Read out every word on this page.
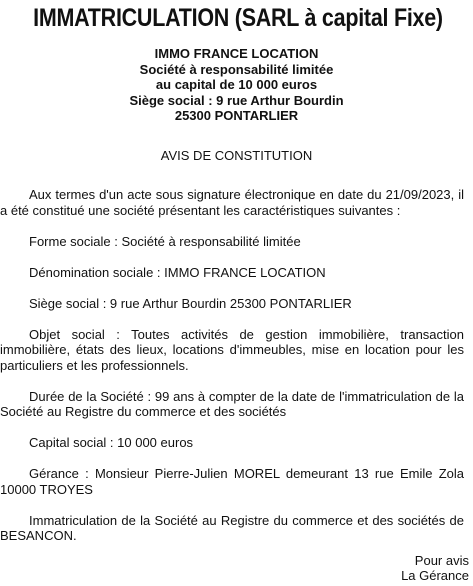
IMMATRICULATION (SARL à capital Fixe)
IMMO FRANCE LOCATION
Société à responsabilité limitée
au capital de 10 000 euros
Siège social : 9 rue Arthur Bourdin
25300 PONTARLIER
AVIS DE CONSTITUTION

Aux termes d'un acte sous signature électronique en date du 21/09/2023, il a été constitué une société présentant les caractéristiques suivantes :

Forme sociale : Société à responsabilité limitée

Dénomination sociale : IMMO FRANCE LOCATION

Siège social : 9 rue Arthur Bourdin 25300 PONTARLIER

Objet social : Toutes activités de gestion immobilière, transaction immobilière, états des lieux, locations d'immeubles, mise en location pour les particuliers et les professionnels.

Durée de la Société : 99 ans à compter de la date de l'immatriculation de la Société au Registre du commerce et des sociétés

Capital social : 10 000 euros

Gérance : Monsieur Pierre-Julien MOREL demeurant 13 rue Emile Zola 10000 TROYES

Immatriculation de la Société au Registre du commerce et des sociétés de BESANCON.

Pour avis
La Gérance
